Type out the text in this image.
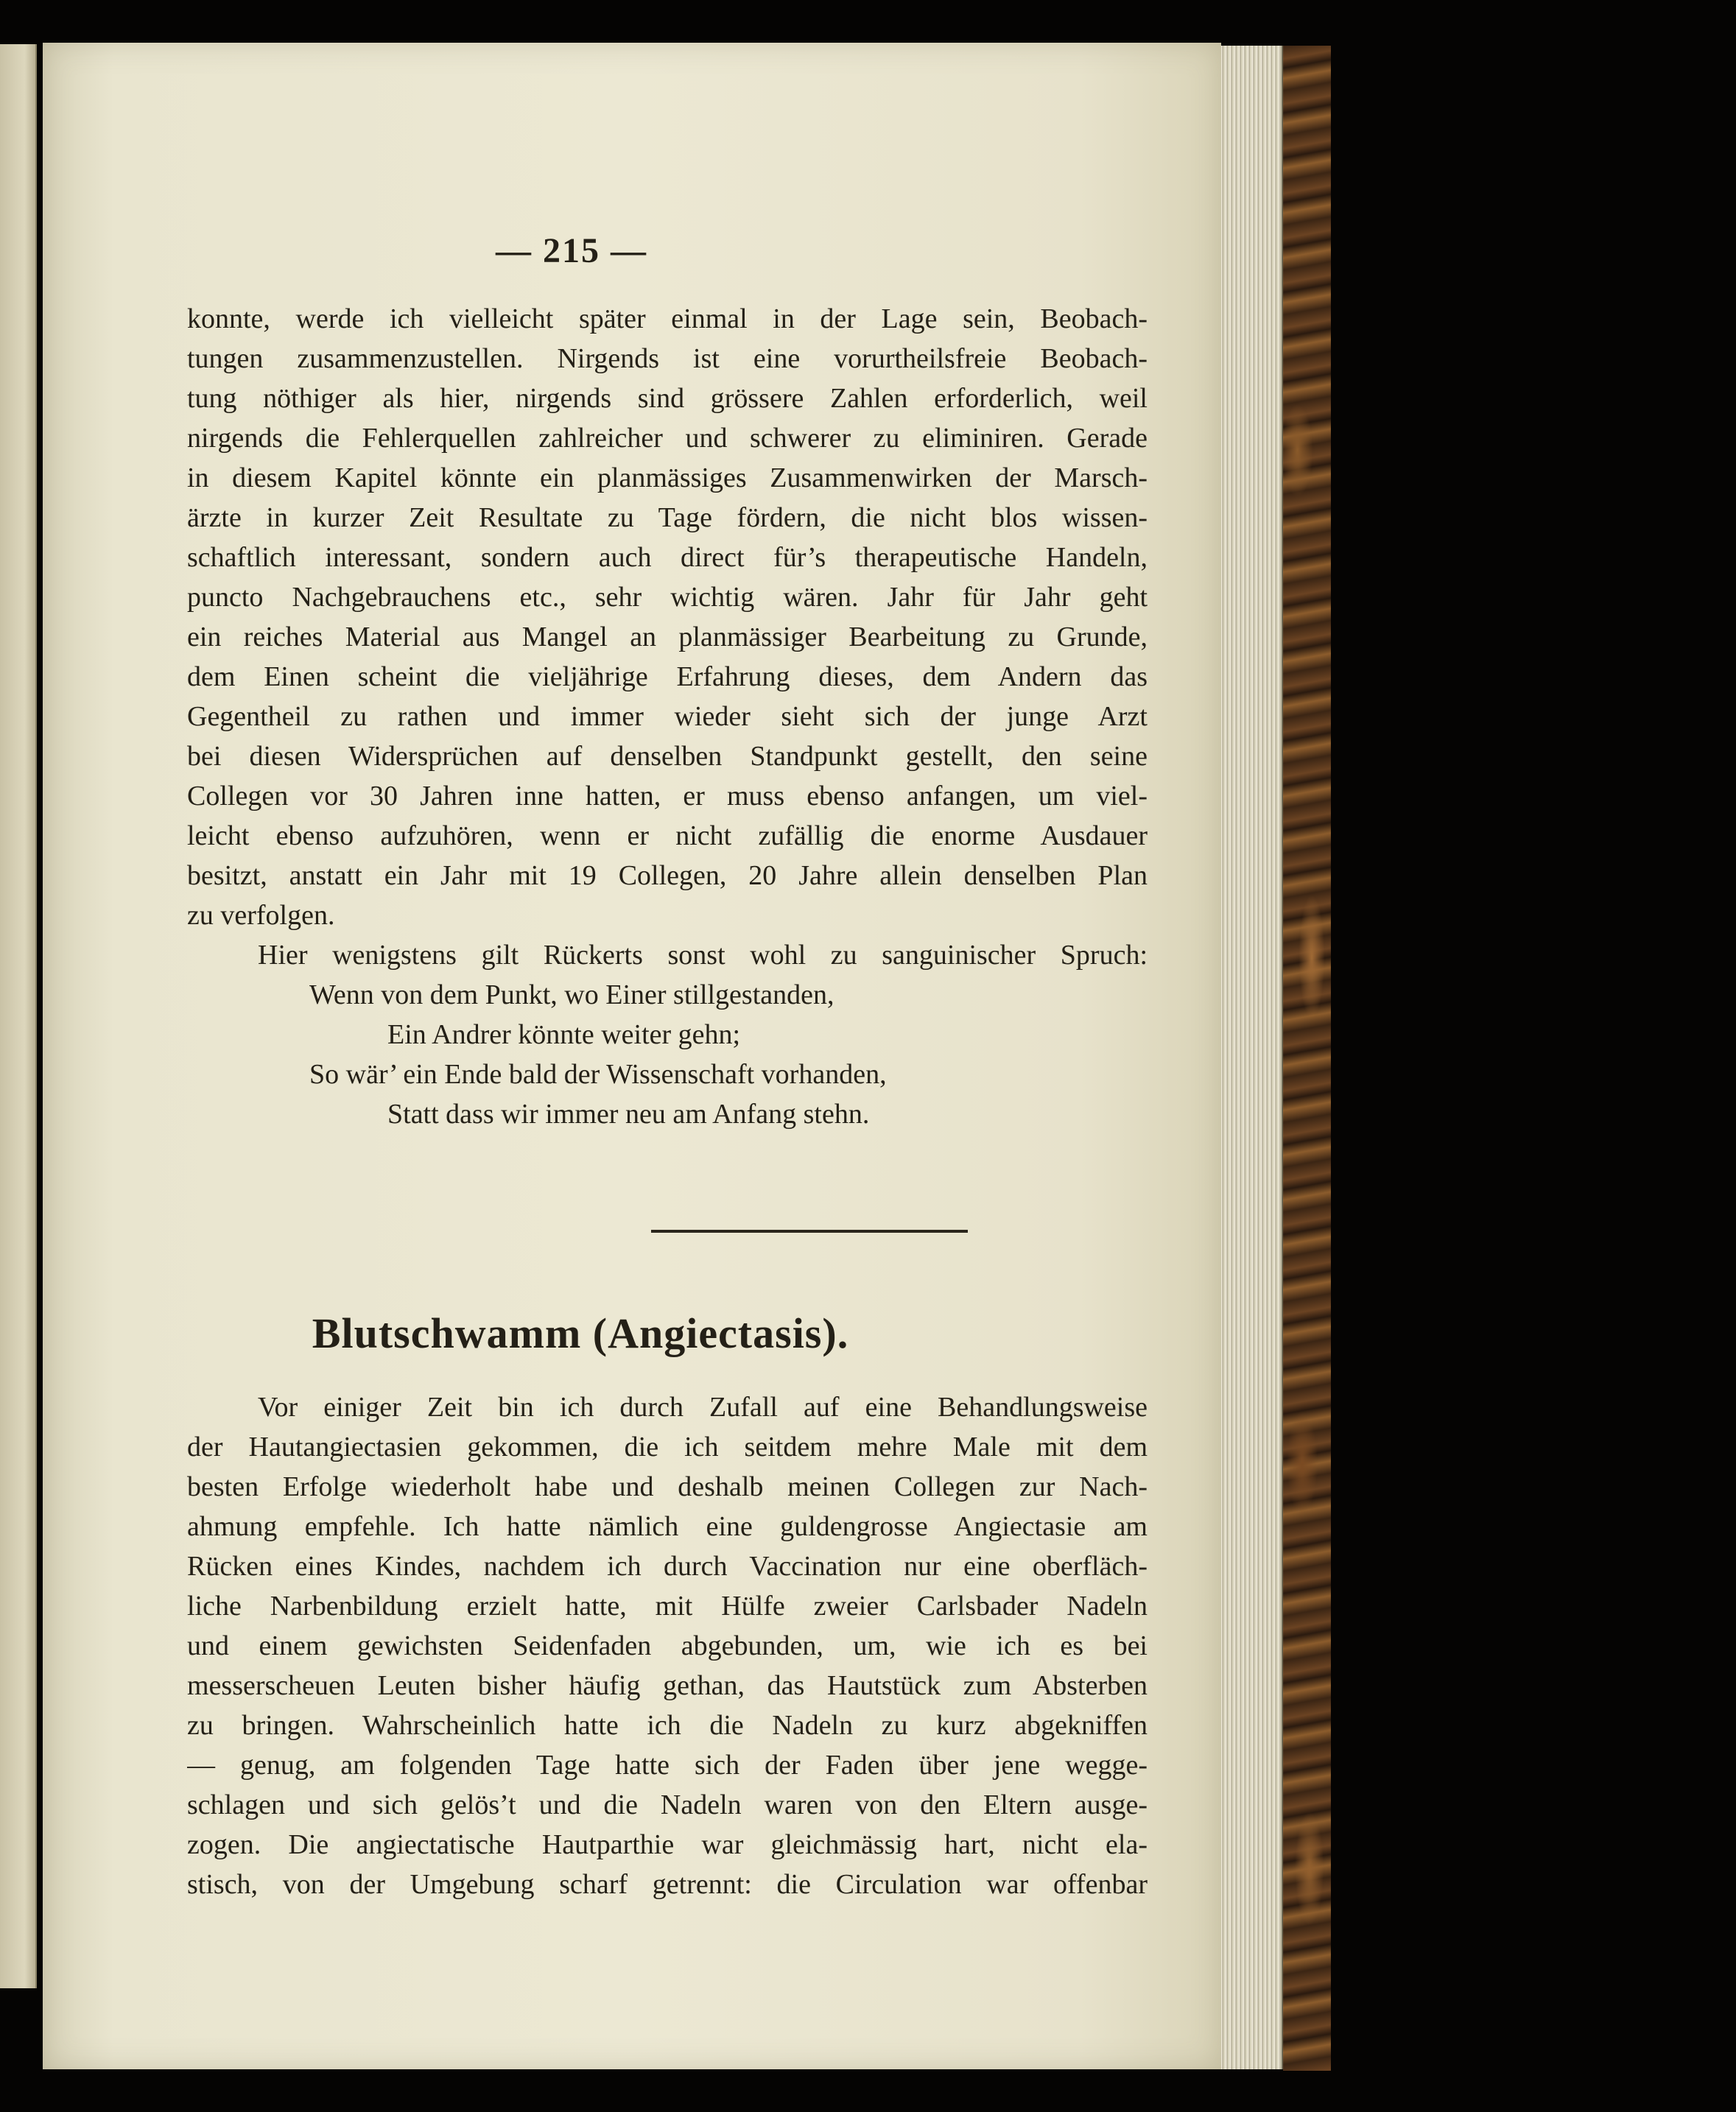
— 215 —
konnte, werde ich vielleicht später einmal in der Lage sein, Beobach-
tungen zusammenzustellen. Nirgends ist eine vorurtheilsfreie Beobach-
tung nöthiger als hier, nirgends sind grössere Zahlen erforderlich, weil
nirgends die Fehlerquellen zahlreicher und schwerer zu eliminiren. Gerade
in diesem Kapitel könnte ein planmässiges Zusammenwirken der Marsch-
ärzte in kurzer Zeit Resultate zu Tage fördern, die nicht blos wissen-
schaftlich interessant, sondern auch direct für’s therapeutische Handeln,
puncto Nachgebrauchens etc., sehr wichtig wären. Jahr für Jahr geht
ein reiches Material aus Mangel an planmässiger Bearbeitung zu Grunde,
dem Einen scheint die vieljährige Erfahrung dieses, dem Andern das
Gegentheil zu rathen und immer wieder sieht sich der junge Arzt
bei diesen Widersprüchen auf denselben Standpunkt gestellt, den seine
Collegen vor 30 Jahren inne hatten, er muss ebenso anfangen, um viel-
leicht ebenso aufzuhören, wenn er nicht zufällig die enorme Ausdauer
besitzt, anstatt ein Jahr mit 19 Collegen, 20 Jahre allein denselben Plan
zu verfolgen.
Hier wenigstens gilt Rückerts sonst wohl zu sanguinischer Spruch:
Wenn von dem Punkt, wo Einer stillgestanden,
Ein Andrer könnte weiter gehn;
So wär’ ein Ende bald der Wissenschaft vorhanden,
Statt dass wir immer neu am Anfang stehn.
Blutschwamm (Angiectasis).
Vor einiger Zeit bin ich durch Zufall auf eine Behandlungsweise
der Hautangiectasien gekommen, die ich seitdem mehre Male mit dem
besten Erfolge wiederholt habe und deshalb meinen Collegen zur Nach-
ahmung empfehle. Ich hatte nämlich eine guldengrosse Angiectasie am
Rücken eines Kindes, nachdem ich durch Vaccination nur eine oberfläch-
liche Narbenbildung erzielt hatte, mit Hülfe zweier Carlsbader Nadeln
und einem gewichsten Seidenfaden abgebunden, um, wie ich es bei
messerscheuen Leuten bisher häufig gethan, das Hautstück zum Absterben
zu bringen. Wahrscheinlich hatte ich die Nadeln zu kurz abgekniffen
— genug, am folgenden Tage hatte sich der Faden über jene wegge-
schlagen und sich gelös’t und die Nadeln waren von den Eltern ausge-
zogen. Die angiectatische Hautparthie war gleichmässig hart, nicht ela-
stisch, von der Umgebung scharf getrennt: die Circulation war offenbar
